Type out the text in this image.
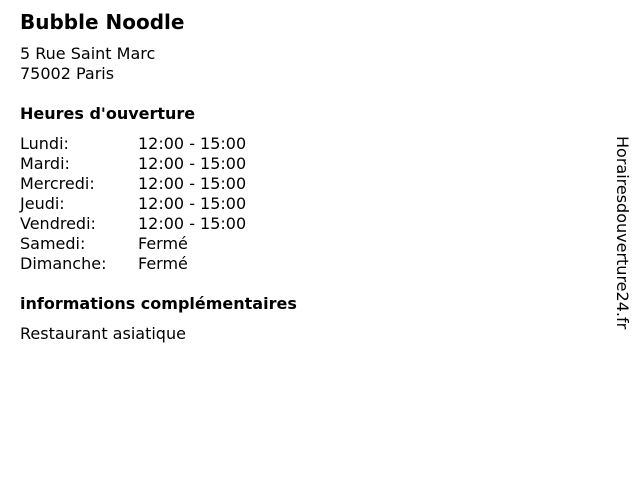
Bubble Noodle
5 Rue Saint Marc
75002 Paris
Heures d'ouverture
Lundi:	12:00 - 15:00
Mardi:	12:00 - 15:00
Mercredi:	12:00 - 15:00
Jeudi:	12:00 - 15:00
Vendredi:	12:00 - 15:00
Samedi:	Fermé
Dimanche: Fermé
informations complémentaires
Restaurant asiatique
Horairesdouverture24.fr
